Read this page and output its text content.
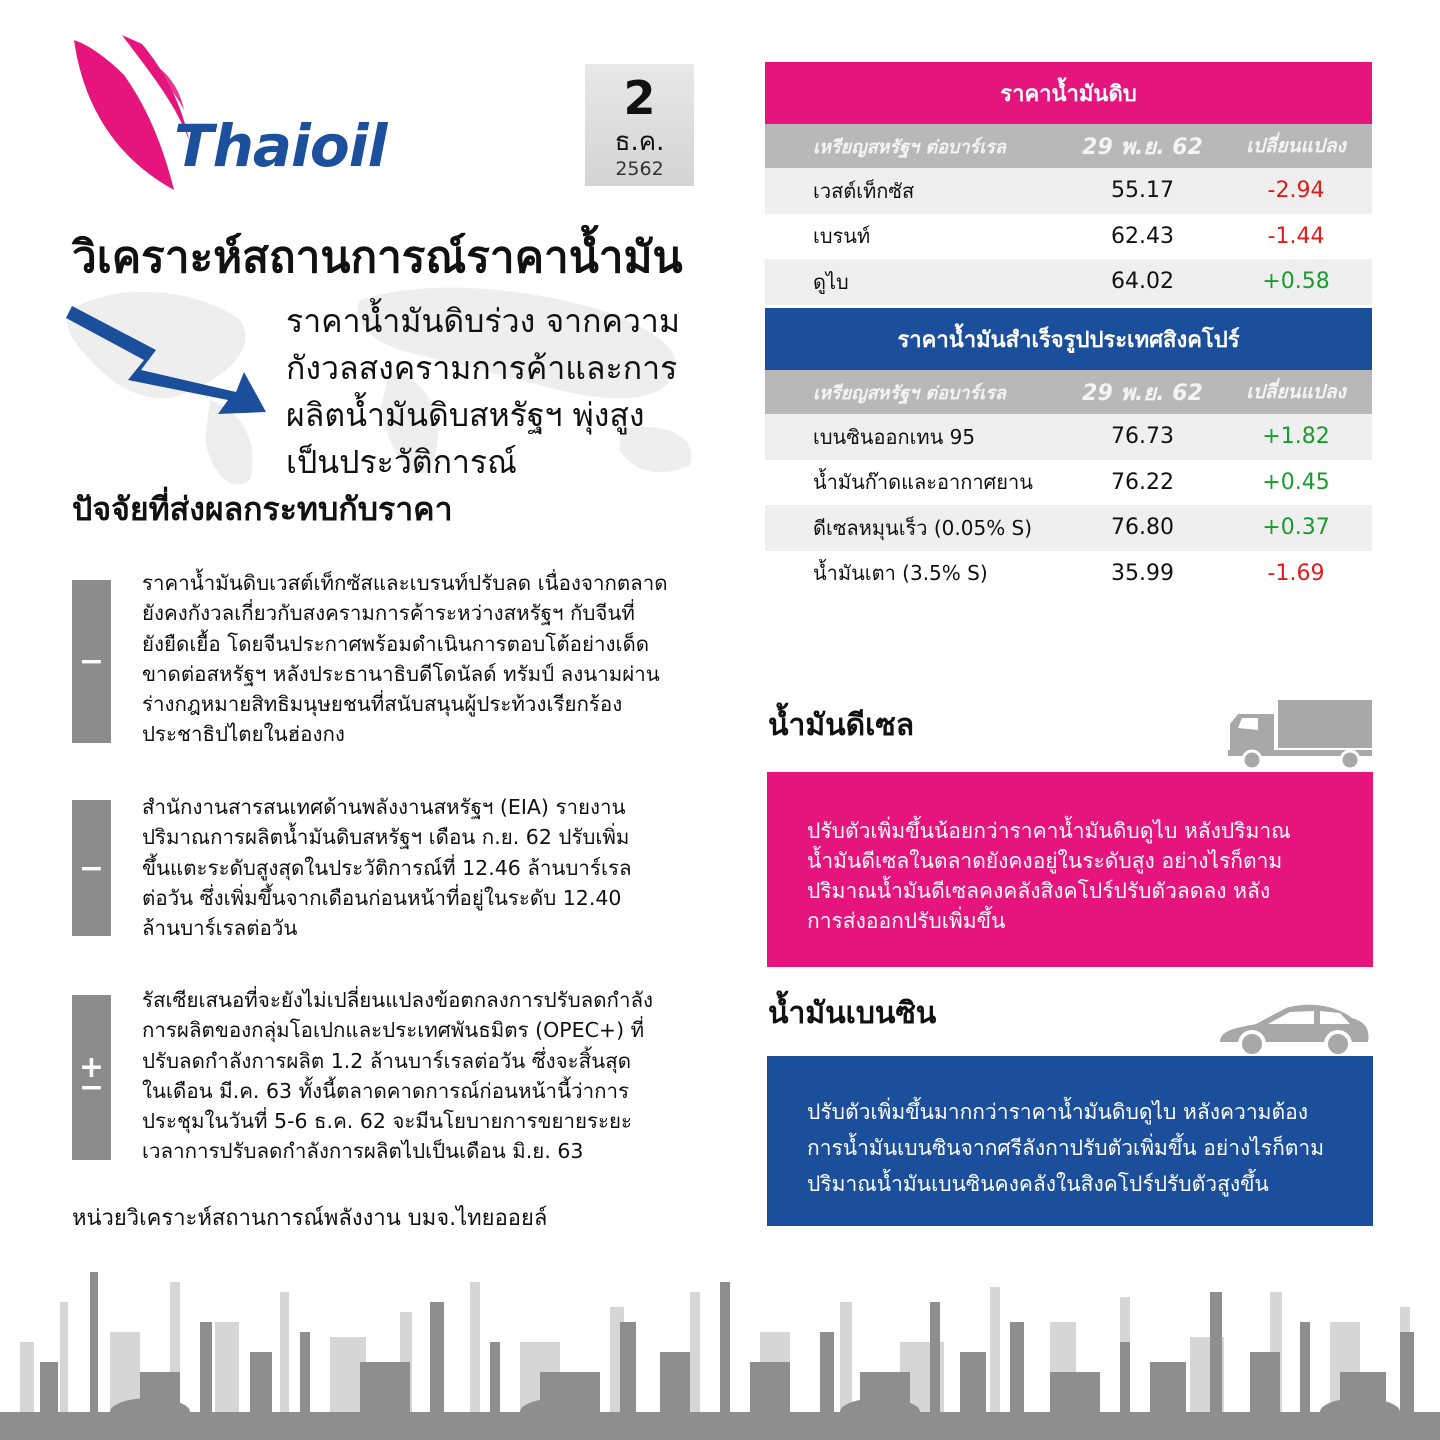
Thaioil
2
ธ.ค.
2562
วิเคราะห์สถานการณ์ราคาน้ำมัน
ราคาน้ำมันดิบร่วง จากความ
กังวลสงครามการค้าและการ
ผลิตน้ำมันดิบสหรัฐฯ พุ่งสูง
เป็นประวัติการณ์
ปัจจัยที่ส่งผลกระทบกับราคา
−
ราคาน้ำมันดิบเวสต์เท็กซัสและเบรนท์ปรับลด เนื่องจากตลาด
ยังคงกังวลเกี่ยวกับสงครามการค้าระหว่างสหรัฐฯ กับจีนที่
ยังยืดเยื้อ โดยจีนประกาศพร้อมดำเนินการตอบโต้อย่างเด็ด
ขาดต่อสหรัฐฯ หลังประธานาธิบดีโดนัลด์ ทรัมป์ ลงนามผ่าน
ร่างกฎหมายสิทธิมนุษยชนที่สนับสนุนผู้ประท้วงเรียกร้อง
ประชาธิปไตยในฮ่องกง
−
สำนักงานสารสนเทศด้านพลังงานสหรัฐฯ (EIA) รายงาน
ปริมาณการผลิตน้ำมันดิบสหรัฐฯ เดือน ก.ย. 62 ปรับเพิ่ม
ขึ้นแตะระดับสูงสุดในประวัติการณ์ที่ 12.46 ล้านบาร์เรล
ต่อวัน ซึ่งเพิ่มขึ้นจากเดือนก่อนหน้าที่อยู่ในระดับ 12.40
ล้านบาร์เรลต่อวัน
+
−
รัสเซียเสนอที่จะยังไม่เปลี่ยนแปลงข้อตกลงการปรับลดกำลัง
การผลิตของกลุ่มโอเปกและประเทศพันธมิตร (OPEC+) ที่
ปรับลดกำลังการผลิต 1.2 ล้านบาร์เรลต่อวัน ซึ่งจะสิ้นสุด
ในเดือน มี.ค. 63 ทั้งนี้ตลาดคาดการณ์ก่อนหน้านี้ว่าการ
ประชุมในวันที่ 5-6 ธ.ค. 62 จะมีนโยบายการขยายระยะ
เวลาการปรับลดกำลังการผลิตไปเป็นเดือน มิ.ย. 63
หน่วยวิเคราะห์สถานการณ์พลังงาน บมจ.ไทยออยล์
ราคาน้ำมันดิบ
เหรียญสหรัฐฯ ต่อบาร์เรล	29 พ.ย. 62	เปลี่ยนแปลง
เวสต์เท็กซัส	55.17	-2.94
เบรนท์	62.43	-1.44
ดูไบ	64.02	+0.58
ราคาน้ำมันสำเร็จรูปประเทศสิงคโปร์
เหรียญสหรัฐฯ ต่อบาร์เรล	29 พ.ย. 62	เปลี่ยนแปลง
เบนซินออกเทน 95	76.73	+1.82
น้ำมันก๊าดและอากาศยาน	76.22	+0.45
ดีเซลหมุนเร็ว (0.05% S)	76.80	+0.37
น้ำมันเตา (3.5% S)	35.99	-1.69
น้ำมันดีเซล
ปรับตัวเพิ่มขึ้นน้อยกว่าราคาน้ำมันดิบดูไบ หลังปริมาณ
น้ำมันดีเซลในตลาดยังคงอยู่ในระดับสูง อย่างไรก็ตาม
ปริมาณน้ำมันดีเซลคงคลังสิงคโปร์ปรับตัวลดลง หลัง
การส่งออกปรับเพิ่มขึ้น
น้ำมันเบนซิน
ปรับตัวเพิ่มขึ้นมากกว่าราคาน้ำมันดิบดูไบ หลังความต้อง
การน้ำมันเบนซินจากศรีลังกาปรับตัวเพิ่มขึ้น อย่างไรก็ตาม
ปริมาณน้ำมันเบนซินคงคลังในสิงคโปร์ปรับตัวสูงขึ้น
